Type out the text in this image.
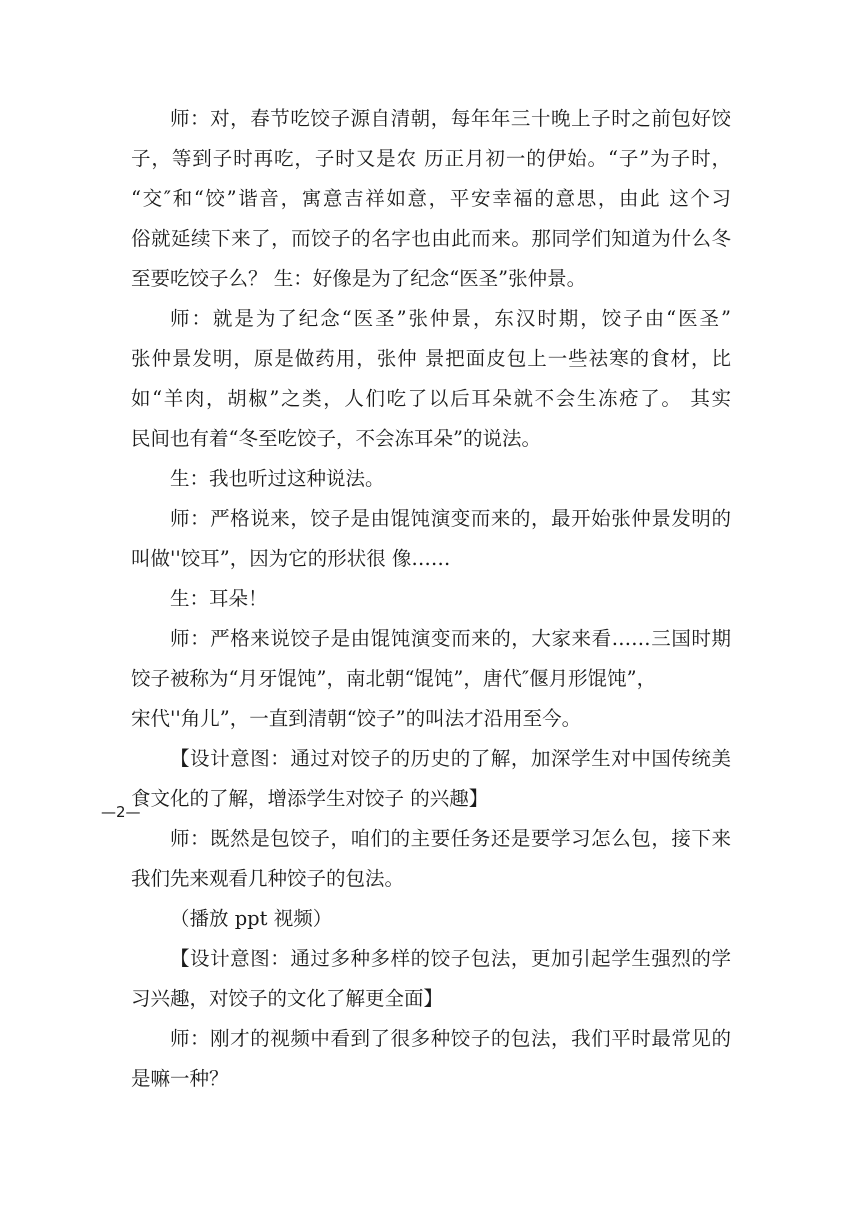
师：对，春节吃饺子源自清朝，每年年三十晚上子时之前包好饺
子，等到子时再吃，子时又是农 历正月初一的伊始。“子”为子时，
“交″和“饺”谐音，寓意吉祥如意，平安幸福的意思，由此 这个习
俗就延续下来了，而饺子的名字也由此而来。那同学们知道为什么冬
至要吃饺子么？ 生：好像是为了纪念“医圣”张仲景。
师：就是为了纪念“医圣”张仲景，东汉时期，饺子由“医圣”
张仲景发明，原是做药用，张仲 景把面皮包上一些祛寒的食材，比
如“羊肉，胡椒”之类，人们吃了以后耳朵就不会生冻疮了。 其实
民间也有着“冬至吃饺子，不会冻耳朵”的说法。
生：我也听过这种说法。
师：严格说来，饺子是由馄饨演变而来的，最开始张仲景发明的
叫做''饺耳”，因为它的形状很 像……
生：耳朵！
师：严格来说饺子是由馄饨演变而来的，大家来看……三国时期
饺子被称为“月牙馄饨”，南北朝“馄饨”，唐代″偃月形馄饨”，
宋代''角儿”，一直到清朝“饺子”的叫法才沿用至今。
【设计意图：通过对饺子的历史的了解，加深学生对中国传统美
食文化的了解，增添学生对饺子 的兴趣】
—2—
师：既然是包饺子，咱们的主要任务还是要学习怎么包，接下来
我们先来观看几种饺子的包法。
（播放 ppt 视频）
【设计意图：通过多种多样的饺子包法，更加引起学生强烈的学
习兴趣，对饺子的文化了解更全面】
师：刚才的视频中看到了很多种饺子的包法，我们平时最常见的
是嘛一种？
